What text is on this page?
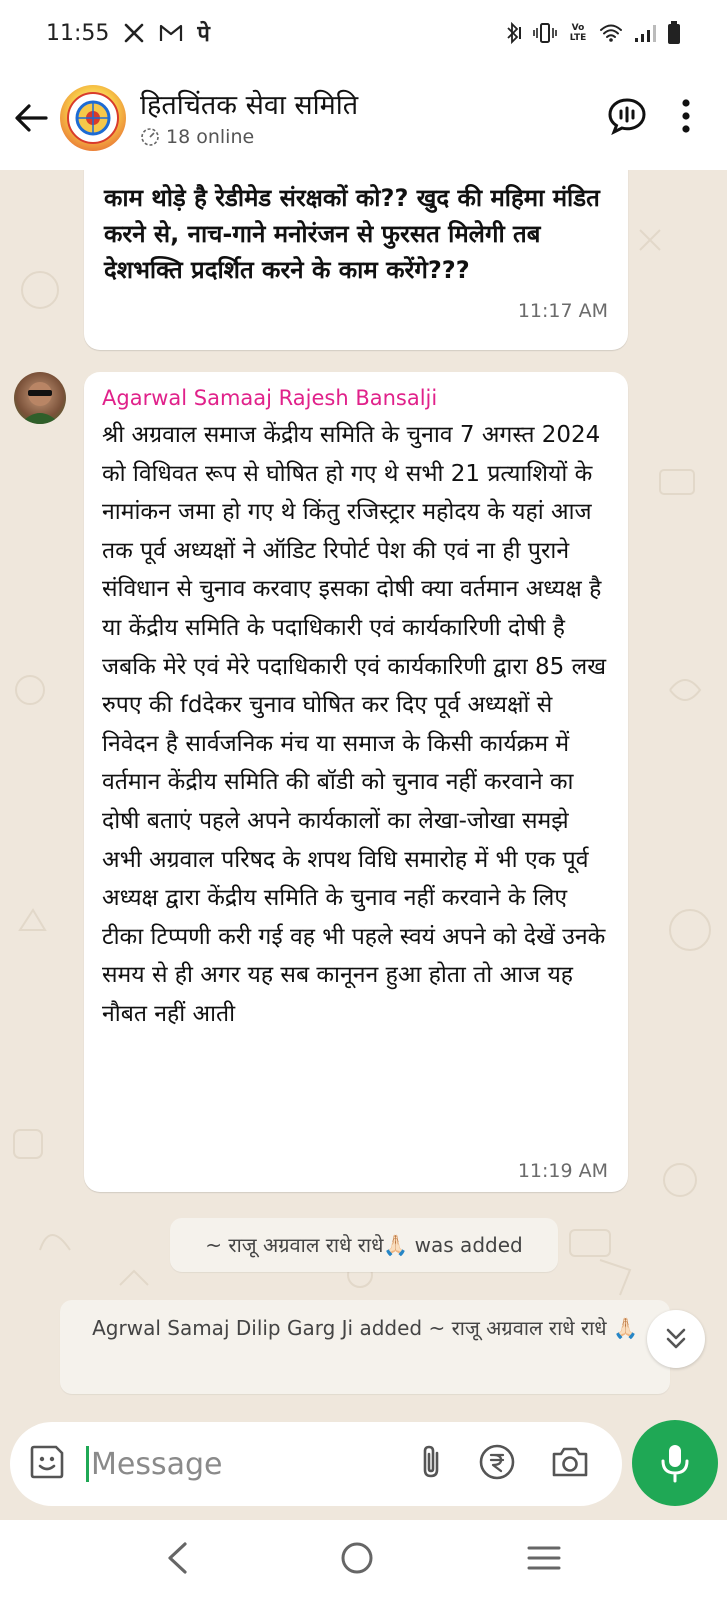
11:55	पे	Vo LTE
हितचिंतक सेवा समिति
18 online
काम थोड़े है रेडीमेड संरक्षकों को?? खुद की महिमा मंडित करने से, नाच-गाने मनोरंजन से फुरसत मिलेगी तब देशभक्ति प्रदर्शित करने के काम करेंगे???
11:17 AM
Agarwal Samaaj Rajesh Bansalji
श्री अग्रवाल समाज केंद्रीय समिति के चुनाव 7 अगस्त 2024 को विधिवत रूप से घोषित हो गए थे सभी 21 प्रत्याशियों के नामांकन जमा हो गए थे किंतु रजिस्ट्रार महोदय के यहां आज तक पूर्व अध्यक्षों ने ऑडिट रिपोर्ट पेश की एवं ना ही पुराने संविधान से चुनाव करवाए इसका दोषी क्या वर्तमान अध्यक्ष है या केंद्रीय समिति के पदाधिकारी एवं कार्यकारिणी दोषी है जबकि मेरे एवं मेरे पदाधिकारी एवं कार्यकारिणी द्वारा 85 लख रुपए की fdदेकर चुनाव घोषित कर दिए पूर्व अध्यक्षों से निवेदन है सार्वजनिक मंच या समाज के किसी कार्यक्रम में वर्तमान केंद्रीय समिति की बॉडी को चुनाव नहीं करवाने का दोषी बताएं पहले अपने कार्यकालों का लेखा-जोखा समझे अभी अग्रवाल परिषद के शपथ विधि समारोह में भी एक पूर्व अध्यक्ष द्वारा केंद्रीय समिति के चुनाव नहीं करवाने के लिए टीका टिप्पणी करी गई वह भी पहले स्वयं अपने को देखें उनके समय से ही अगर यह सब कानूनन हुआ होता तो आज यह नौबत नहीं आती
11:19 AM
~ राजू अग्रवाल राधे राधे🙏🏻 was added
Agrwal Samaj Dilip Garg Ji added ~ राजू अग्रवाल राधे राधे 🙏🏻
Message
